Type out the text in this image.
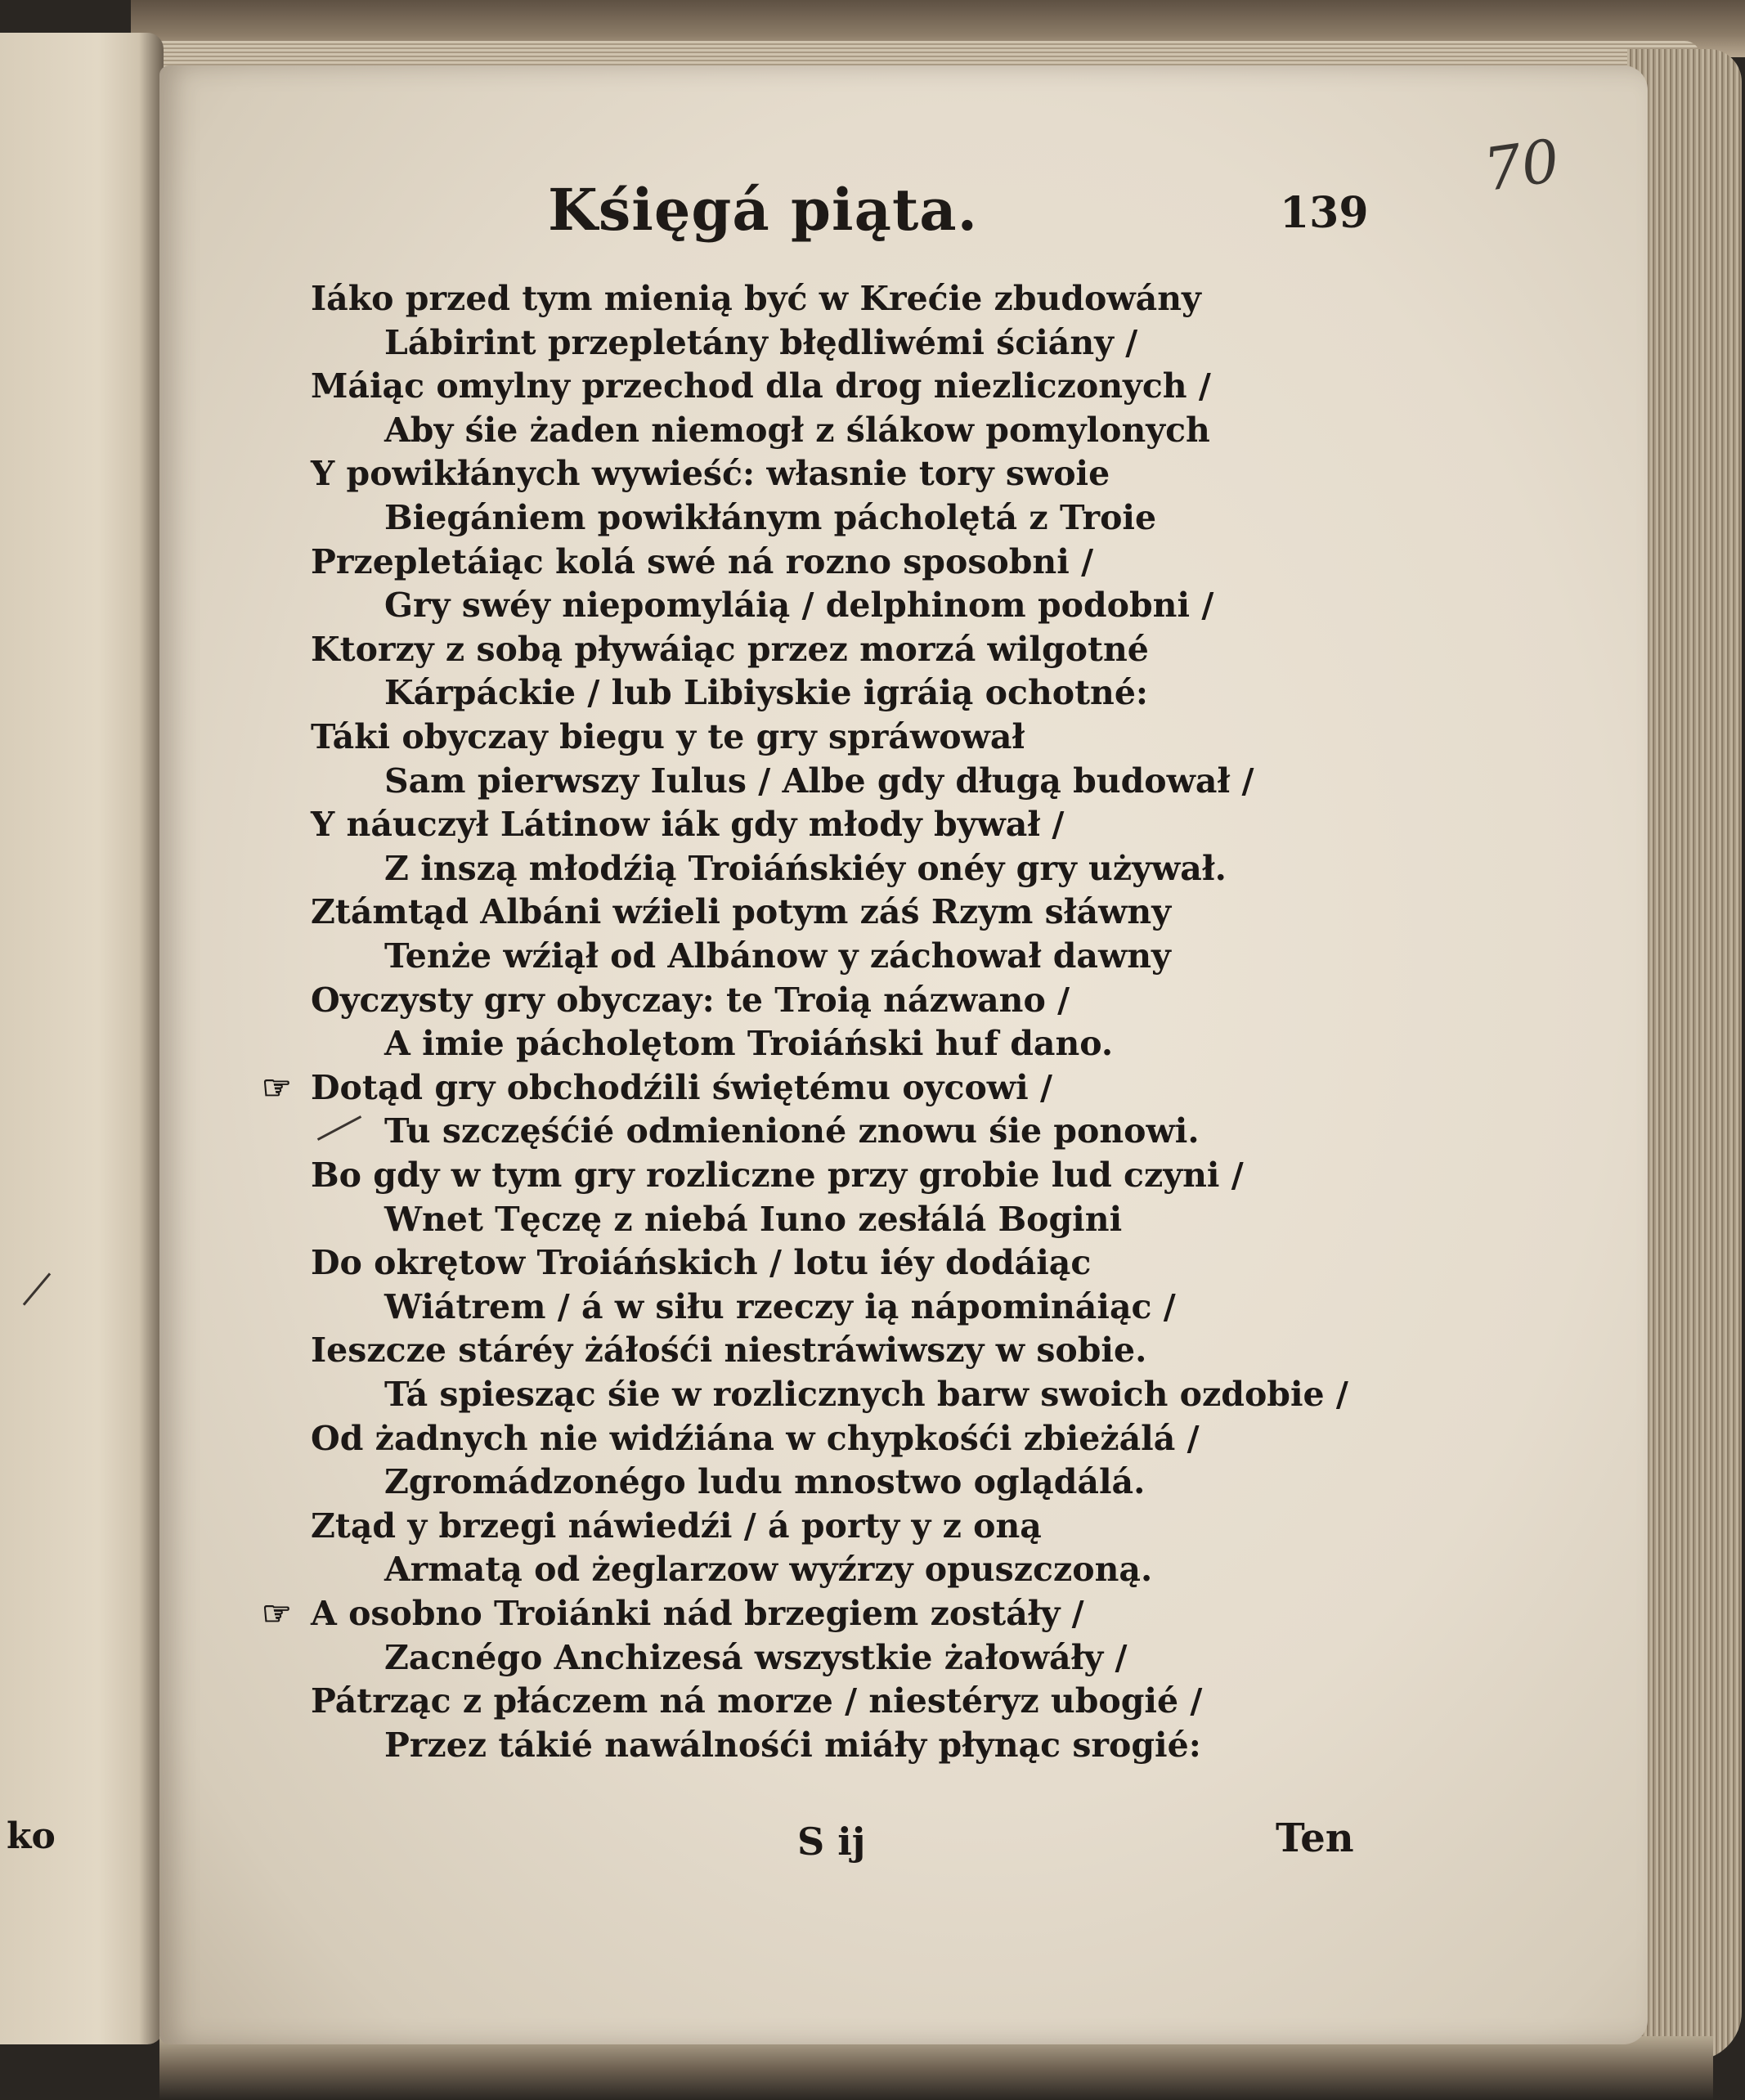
ko
Kśięgá piąta.	139
70
Iáko przed tym mienią być w Krećie zbudowány
Lábirint przepletány błędliwémi ściány /
Máiąc omylny przechod dla drog niezliczonych /
Aby śie żaden niemogł z ślákow pomylonych
Y powikłánych wywieść: własnie tory swoie
Biegániem powikłánym pácholętá z Troie
Przepletáiąc kolá swé ná rozno sposobni /
Gry swéy niepomyláią / delphinom podobni /
Ktorzy z sobą pływáiąc przez morzá wilgotné
Kárpáckie / lub Libiyskie igráią ochotné:
Táki obyczay biegu y te gry spráwował
Sam pierwszy Iulus / Albe gdy długą budował /
Y náuczył Látinow iák gdy młody bywał /
Z inszą młodźią Troiáńskiéy onéy gry używał.
Ztámtąd Albáni wźieli potym záś Rzym słáwny
Tenże wźiął od Albánow y záchował dawny
Oyczysty gry obyczay: te Troią názwano /
A imie pácholętom Troiáński huf dano.
☞ Dotąd gry obchodźili świętému oycowi /
Tu szczęśćié odmienioné znowu śie ponowi.
Bo gdy w tym gry rozliczne przy grobie lud czyni /
Wnet Tęczę z niebá Iuno zesłálá Bogini
Do okrętow Troiáńskich / lotu iéy dodáiąc
Wiátrem / á w siłu rzeczy ią nápomináiąc /
Ieszcze stáréy żáłośći niestráwiwszy w sobie.
Tá spiesząc śie w rozlicznych barw swoich ozdobie /
Od żadnych nie widźiána w chypkośći zbieżálá /
Zgromádzonégo ludu mnostwo oglądálá.
Ztąd y brzegi náwiedźi / á porty y z oną
Armatą od żeglarzow wyźrzy opuszczoną.
☞ A osobno Troiánki nád brzegiem zostáły /
Zacnégo Anchizesá wszystkie żałowáły /
Pátrząc z płáczem ná morze / niestéryz ubogié /
Przez tákié nawálnośći miáły płynąc srogié:
S ij	Ten
